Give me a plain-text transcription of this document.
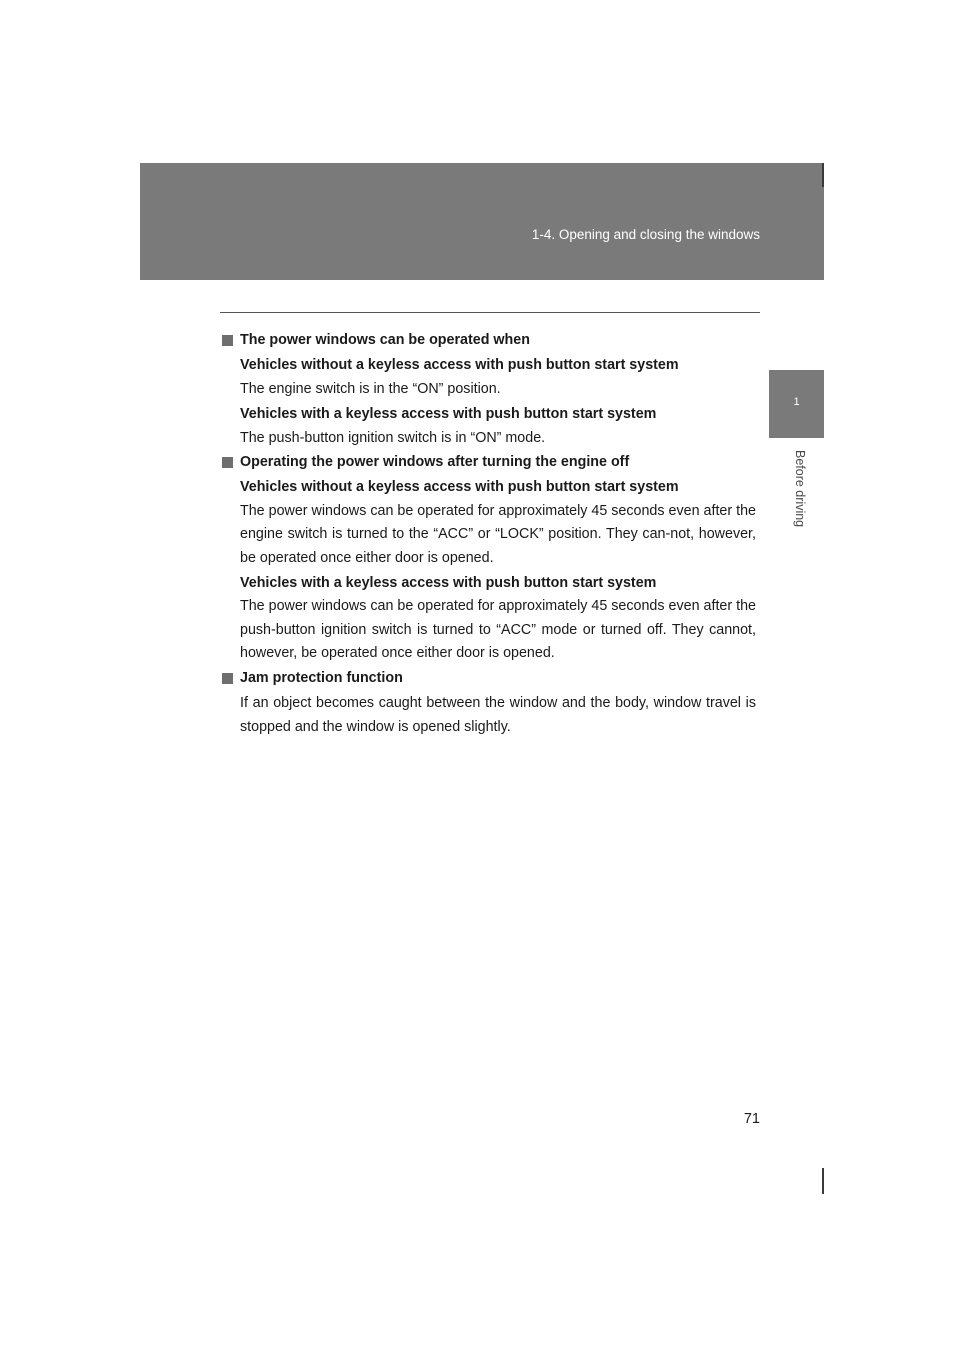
1-4. Opening and closing the windows
1
Before driving
The power windows can be operated when
Vehicles without a keyless access with push button start system
The engine switch is in the “ON” position.
Vehicles with a keyless access with push button start system
The push-button ignition switch is in “ON” mode.
Operating the power windows after turning the engine off
Vehicles without a keyless access with push button start system
The power windows can be operated for approximately 45 seconds even after the engine switch is turned to the “ACC” or “LOCK” position. They can-not, however, be operated once either door is opened.
Vehicles with a keyless access with push button start system
The power windows can be operated for approximately 45 seconds even after the push-button ignition switch is turned to “ACC” mode or turned off. They cannot, however, be operated once either door is opened.
Jam protection function
If an object becomes caught between the window and the body, window travel is stopped and the window is opened slightly.
71
